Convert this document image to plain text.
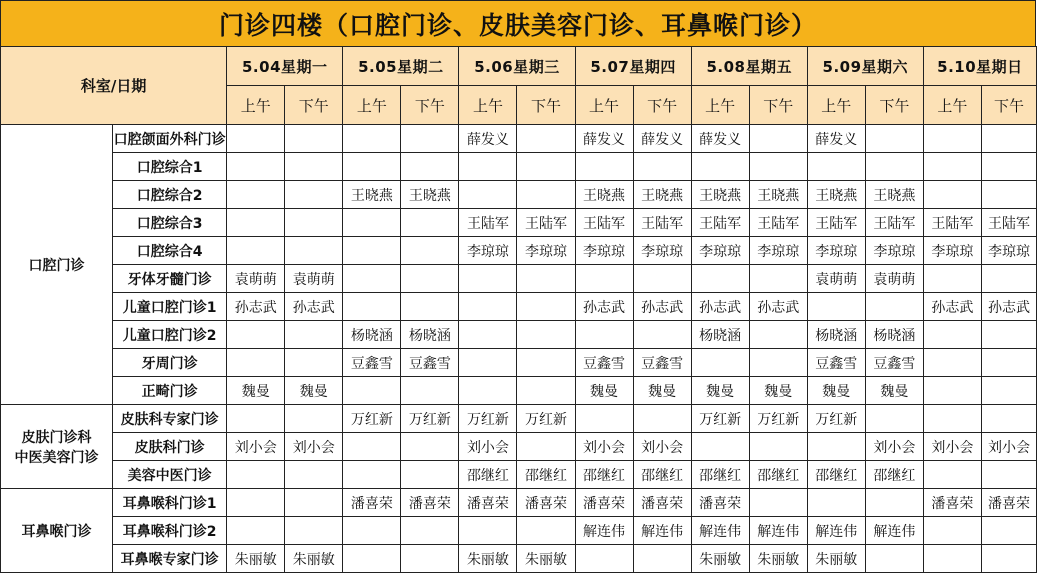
门诊四楼（口腔门诊、皮肤美容门诊、耳鼻喉门诊）
科室/日期		5.04星期一		5.05星期二		5.06星期三		5.07星期四		5.08星期五		5.09星期六		5.10星期日	
		上午	下午	上午	下午	上午	下午	上午	下午	上午	下午	上午	下午	上午	下午
口腔门诊	口腔颌面外科门诊					薛发义		薛发义	薛发义	薛发义		薛发义			
	口腔综合1														
	口腔综合2			王晓燕	王晓燕			王晓燕	王晓燕	王晓燕	王晓燕	王晓燕	王晓燕		
	口腔综合3					王陆军	王陆军	王陆军	王陆军	王陆军	王陆军	王陆军	王陆军	王陆军	王陆军
	口腔综合4					李琼琼	李琼琼	李琼琼	李琼琼	李琼琼	李琼琼	李琼琼	李琼琼	李琼琼	李琼琼
	牙体牙髓门诊	袁萌萌	袁萌萌									袁萌萌	袁萌萌		
	儿童口腔门诊1	孙志武	孙志武					孙志武	孙志武	孙志武	孙志武			孙志武	孙志武
	儿童口腔门诊2			杨晓涵	杨晓涵					杨晓涵		杨晓涵	杨晓涵		
	牙周门诊			豆鑫雪	豆鑫雪			豆鑫雪	豆鑫雪			豆鑫雪	豆鑫雪		
	正畸门诊	魏曼	魏曼					魏曼	魏曼	魏曼	魏曼	魏曼	魏曼		
皮肤门诊科
中医美容门诊	皮肤科专家门诊			万红新	万红新	万红新	万红新			万红新	万红新	万红新			
	皮肤科门诊	刘小会	刘小会			刘小会		刘小会	刘小会				刘小会	刘小会	刘小会
	美容中医门诊					邵继红	邵继红	邵继红	邵继红	邵继红	邵继红	邵继红	邵继红		
耳鼻喉门诊	耳鼻喉科门诊1			潘喜荣	潘喜荣	潘喜荣	潘喜荣	潘喜荣	潘喜荣	潘喜荣				潘喜荣	潘喜荣
	耳鼻喉科门诊2							解连伟	解连伟	解连伟	解连伟	解连伟	解连伟		
	耳鼻喉专家门诊	朱丽敏	朱丽敏			朱丽敏	朱丽敏			朱丽敏	朱丽敏	朱丽敏			
